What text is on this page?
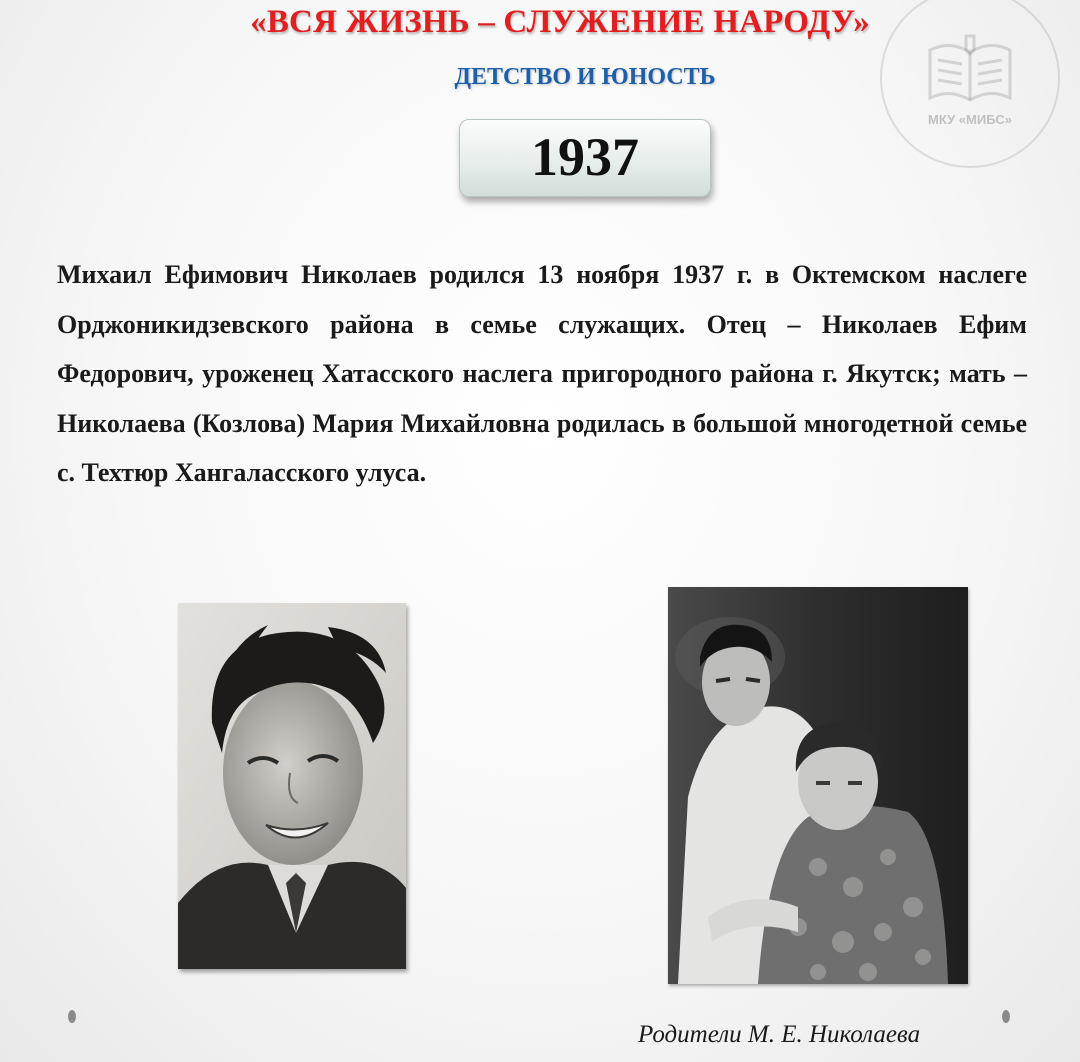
«ВСЯ ЖИЗНЬ – СЛУЖЕНИЕ НАРОДУ»
ДЕТСТВО И ЮНОСТЬ
1937
МКУ «МИБС»

Михаил Ефимович Николаев родился 13 ноября 1937 г. в Октемском наслеге Орджоникидзевского района в семье служащих. Отец – Николаев Ефим Федорович, уроженец Хатасского наслега пригородного района г. Якутск; мать – Николаева (Козлова) Мария Михайловна родилась в большой многодетной семье с. Техтюр Хангаласского улуса.

Родители М. Е. Николаева
